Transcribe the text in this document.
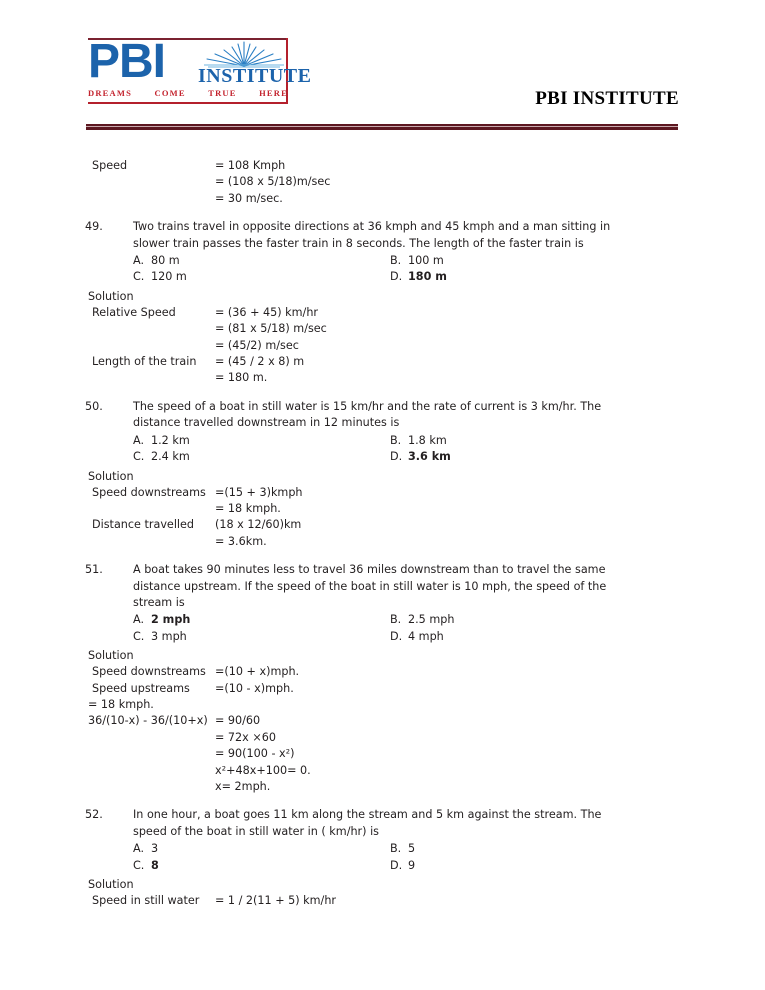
PBI INSTITUTE
DREAMS	COME	TRUE	HERE	PBI INSTITUTE
Speed	= 108 Kmph
= (108 x 5/18)m/sec
= 30 m/sec.
49.	Two trains travel in opposite directions at 36 kmph and 45 kmph and a man sitting in slower train passes the faster train in 8 seconds. The length of the faster train is
A. 80 m	B. 100 m
C. 120 m	D. 180 m
Solution
Relative Speed	= (36 + 45) km/hr
= (81 x 5/18) m/sec
= (45/2) m/sec
Length of the train	= (45 / 2 x 8) m
= 180 m.
50.	The speed of a boat in still water is 15 km/hr and the rate of current is 3 km/hr. The distance travelled downstream in 12 minutes is
A. 1.2 km	B. 1.8 km
C. 2.4 km	D. 3.6 km
Solution
Speed downstreams =(15 + 3)kmph
= 18 kmph.
Distance travelled	(18 x 12/60)km
= 3.6km.
51.	A boat takes 90 minutes less to travel 36 miles downstream than to travel the same distance upstream. If the speed of the boat in still water is 10 mph, the speed of the stream is
A. 2 mph	B. 2.5 mph
C. 3 mph	D. 4 mph
Solution
Speed downstreams =(10 + x)mph.
Speed upstreams	=(10 - x)mph.
= 18 kmph.
36/(10-x) - 36/(10+x) = 90/60
= 72x ×60
= 90(100 - x²)
x²+48x+100= 0.
x= 2mph.
52.	In one hour, a boat goes 11 km along the stream and 5 km against the stream. The speed of the boat in still water in ( km/hr) is
A. 3	B. 5
C. 8	D. 9
Solution
Speed in still water	= 1 / 2(11 + 5) km/hr
